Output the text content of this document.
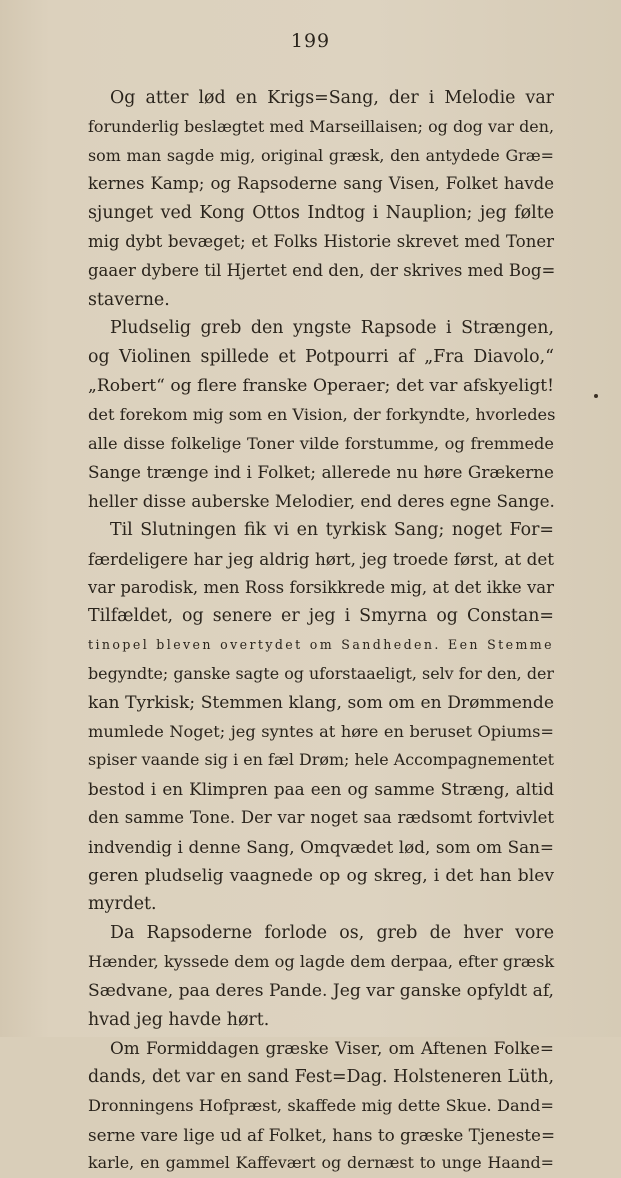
199
Og atter lød en Krigs=Sang, der i Melodie var
forunderlig beslægtet med Marseillaisen; og dog var den,
som man sagde mig, original græsk, den antydede Græ=
kernes Kamp; og Rapsoderne sang Visen, Folket havde
sjunget ved Kong Ottos Indtog i Nauplion; jeg følte
mig dybt bevæget; et Folks Historie skrevet med Toner
gaaer dybere til Hjertet end den, der skrives med Bog=
staverne.
Pludselig greb den yngste Rapsode i Strængen,
og Violinen spillede et Potpourri af „Fra Diavolo,“
„Robert“ og flere franske Operaer; det var afskyeligt!
det forekom mig som en Vision, der forkyndte, hvorledes
alle disse folkelige Toner vilde forstumme, og fremmede
Sange trænge ind i Folket; allerede nu høre Grækerne
heller disse auberske Melodier, end deres egne Sange.
Til Slutningen fik vi en tyrkisk Sang; noget For=
færdeligere har jeg aldrig hørt, jeg troede først, at det
var parodisk, men Ross forsikkrede mig, at det ikke var
Tilfældet, og senere er jeg i Smyrna og Constan=
tinopel bleven overtydet om Sandheden. Een Stemme
begyndte; ganske sagte og uforstaaeligt, selv for den, der
kan Tyrkisk; Stemmen klang, som om en Drømmende
mumlede Noget; jeg syntes at høre en beruset Opiums=
spiser vaande sig i en fæl Drøm; hele Accompagnementet
bestod i en Klimpren paa een og samme Stræng, altid
den samme Tone. Der var noget saa rædsomt fortvivlet
indvendig i denne Sang, Omqvædet lød, som om San=
geren pludselig vaagnede op og skreg, i det han blev
myrdet.
Da Rapsoderne forlode os, greb de hver vore
Hænder, kyssede dem og lagde dem derpaa, efter græsk
Sædvane, paa deres Pande. Jeg var ganske opfyldt af,
hvad jeg havde hørt.
Om Formiddagen græske Viser, om Aftenen Folke=
dands, det var en sand Fest=Dag. Holsteneren Lüth,
Dronningens Hofpræst, skaffede mig dette Skue. Dand=
serne vare lige ud af Folket, hans to græske Tjeneste=
karle, en gammel Kaffevært og dernæst to unge Haand=
